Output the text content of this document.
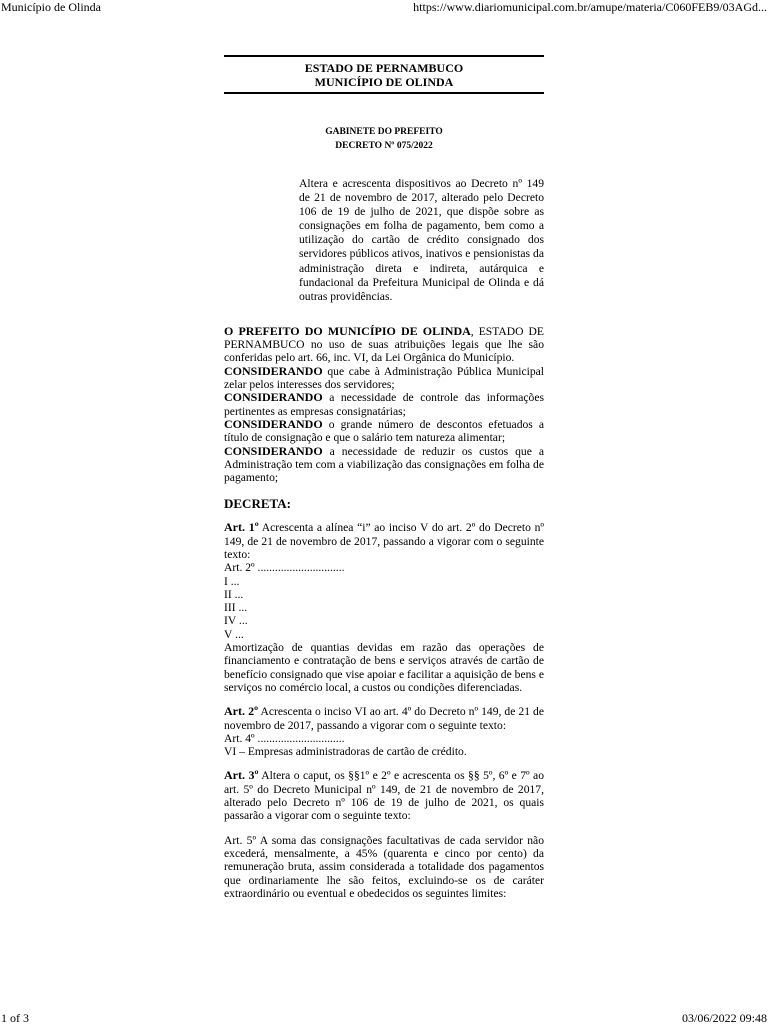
Município de Olinda	https://www.diariomunicipal.com.br/amupe/materia/C060FEB9/03AGd...
ESTADO DE PERNAMBUCO
MUNICÍPIO DE OLINDA
GABINETE DO PREFEITO
DECRETO Nº 075/2022
Altera e acrescenta dispositivos ao Decreto nº 149 de 21 de novembro de 2017, alterado pelo Decreto 106 de 19 de julho de 2021, que dispõe sobre as consignações em folha de pagamento, bem como a utilização do cartão de crédito consignado dos servidores públicos ativos, inativos e pensionistas da administração direta e indireta, autárquica e fundacional da Prefeitura Municipal de Olinda e dá outras providências.

O PREFEITO DO MUNICÍPIO DE OLINDA, ESTADO DE PERNAMBUCO no uso de suas atribuições legais que lhe são conferidas pelo art. 66, inc. VI, da Lei Orgânica do Município.

CONSIDERANDO que cabe à Administração Pública Municipal zelar pelos interesses dos servidores;

CONSIDERANDO a necessidade de controle das informações pertinentes as empresas consignatárias;

CONSIDERANDO o grande número de descontos efetuados a título de consignação e que o salário tem natureza alimentar;

CONSIDERANDO a necessidade de reduzir os custos que a Administração tem com a viabilização das consignações em folha de pagamento;

DECRETA:

Art. 1º Acrescenta a alínea “i” ao inciso V do art. 2º do Decreto nº 149, de 21 de novembro de 2017, passando a vigorar com o seguinte texto:

Art. 2º ..............................

I ...

II ...

III ...

IV ...

V ...

Amortização de quantias devidas em razão das operações de financiamento e contratação de bens e serviços através de cartão de benefício consignado que vise apoiar e facilitar a aquisição de bens e serviços no comércio local, a custos ou condições diferenciadas.

Art. 2º Acrescenta o inciso VI ao art. 4º do Decreto nº 149, de 21 de novembro de 2017, passando a vigorar com o seguinte texto:

Art. 4º ..............................

VI – Empresas administradoras de cartão de crédito.

Art. 3º Altera o caput, os §§1º e 2º e acrescenta os §§ 5º, 6º e 7º ao art. 5º do Decreto Municipal nº 149, de 21 de novembro de 2017, alterado pelo Decreto nº 106 de 19 de julho de 2021, os quais passarão a vigorar com o seguinte texto:

Art. 5º A soma das consignações facultativas de cada servidor não excederá, mensalmente, a 45% (quarenta e cinco por cento) da remuneração bruta, assim considerada a totalidade dos pagamentos que ordinariamente lhe são feitos, excluindo-se os de caráter extraordinário ou eventual e obedecidos os seguintes limites:

1 of 3	03/06/2022 09:48
